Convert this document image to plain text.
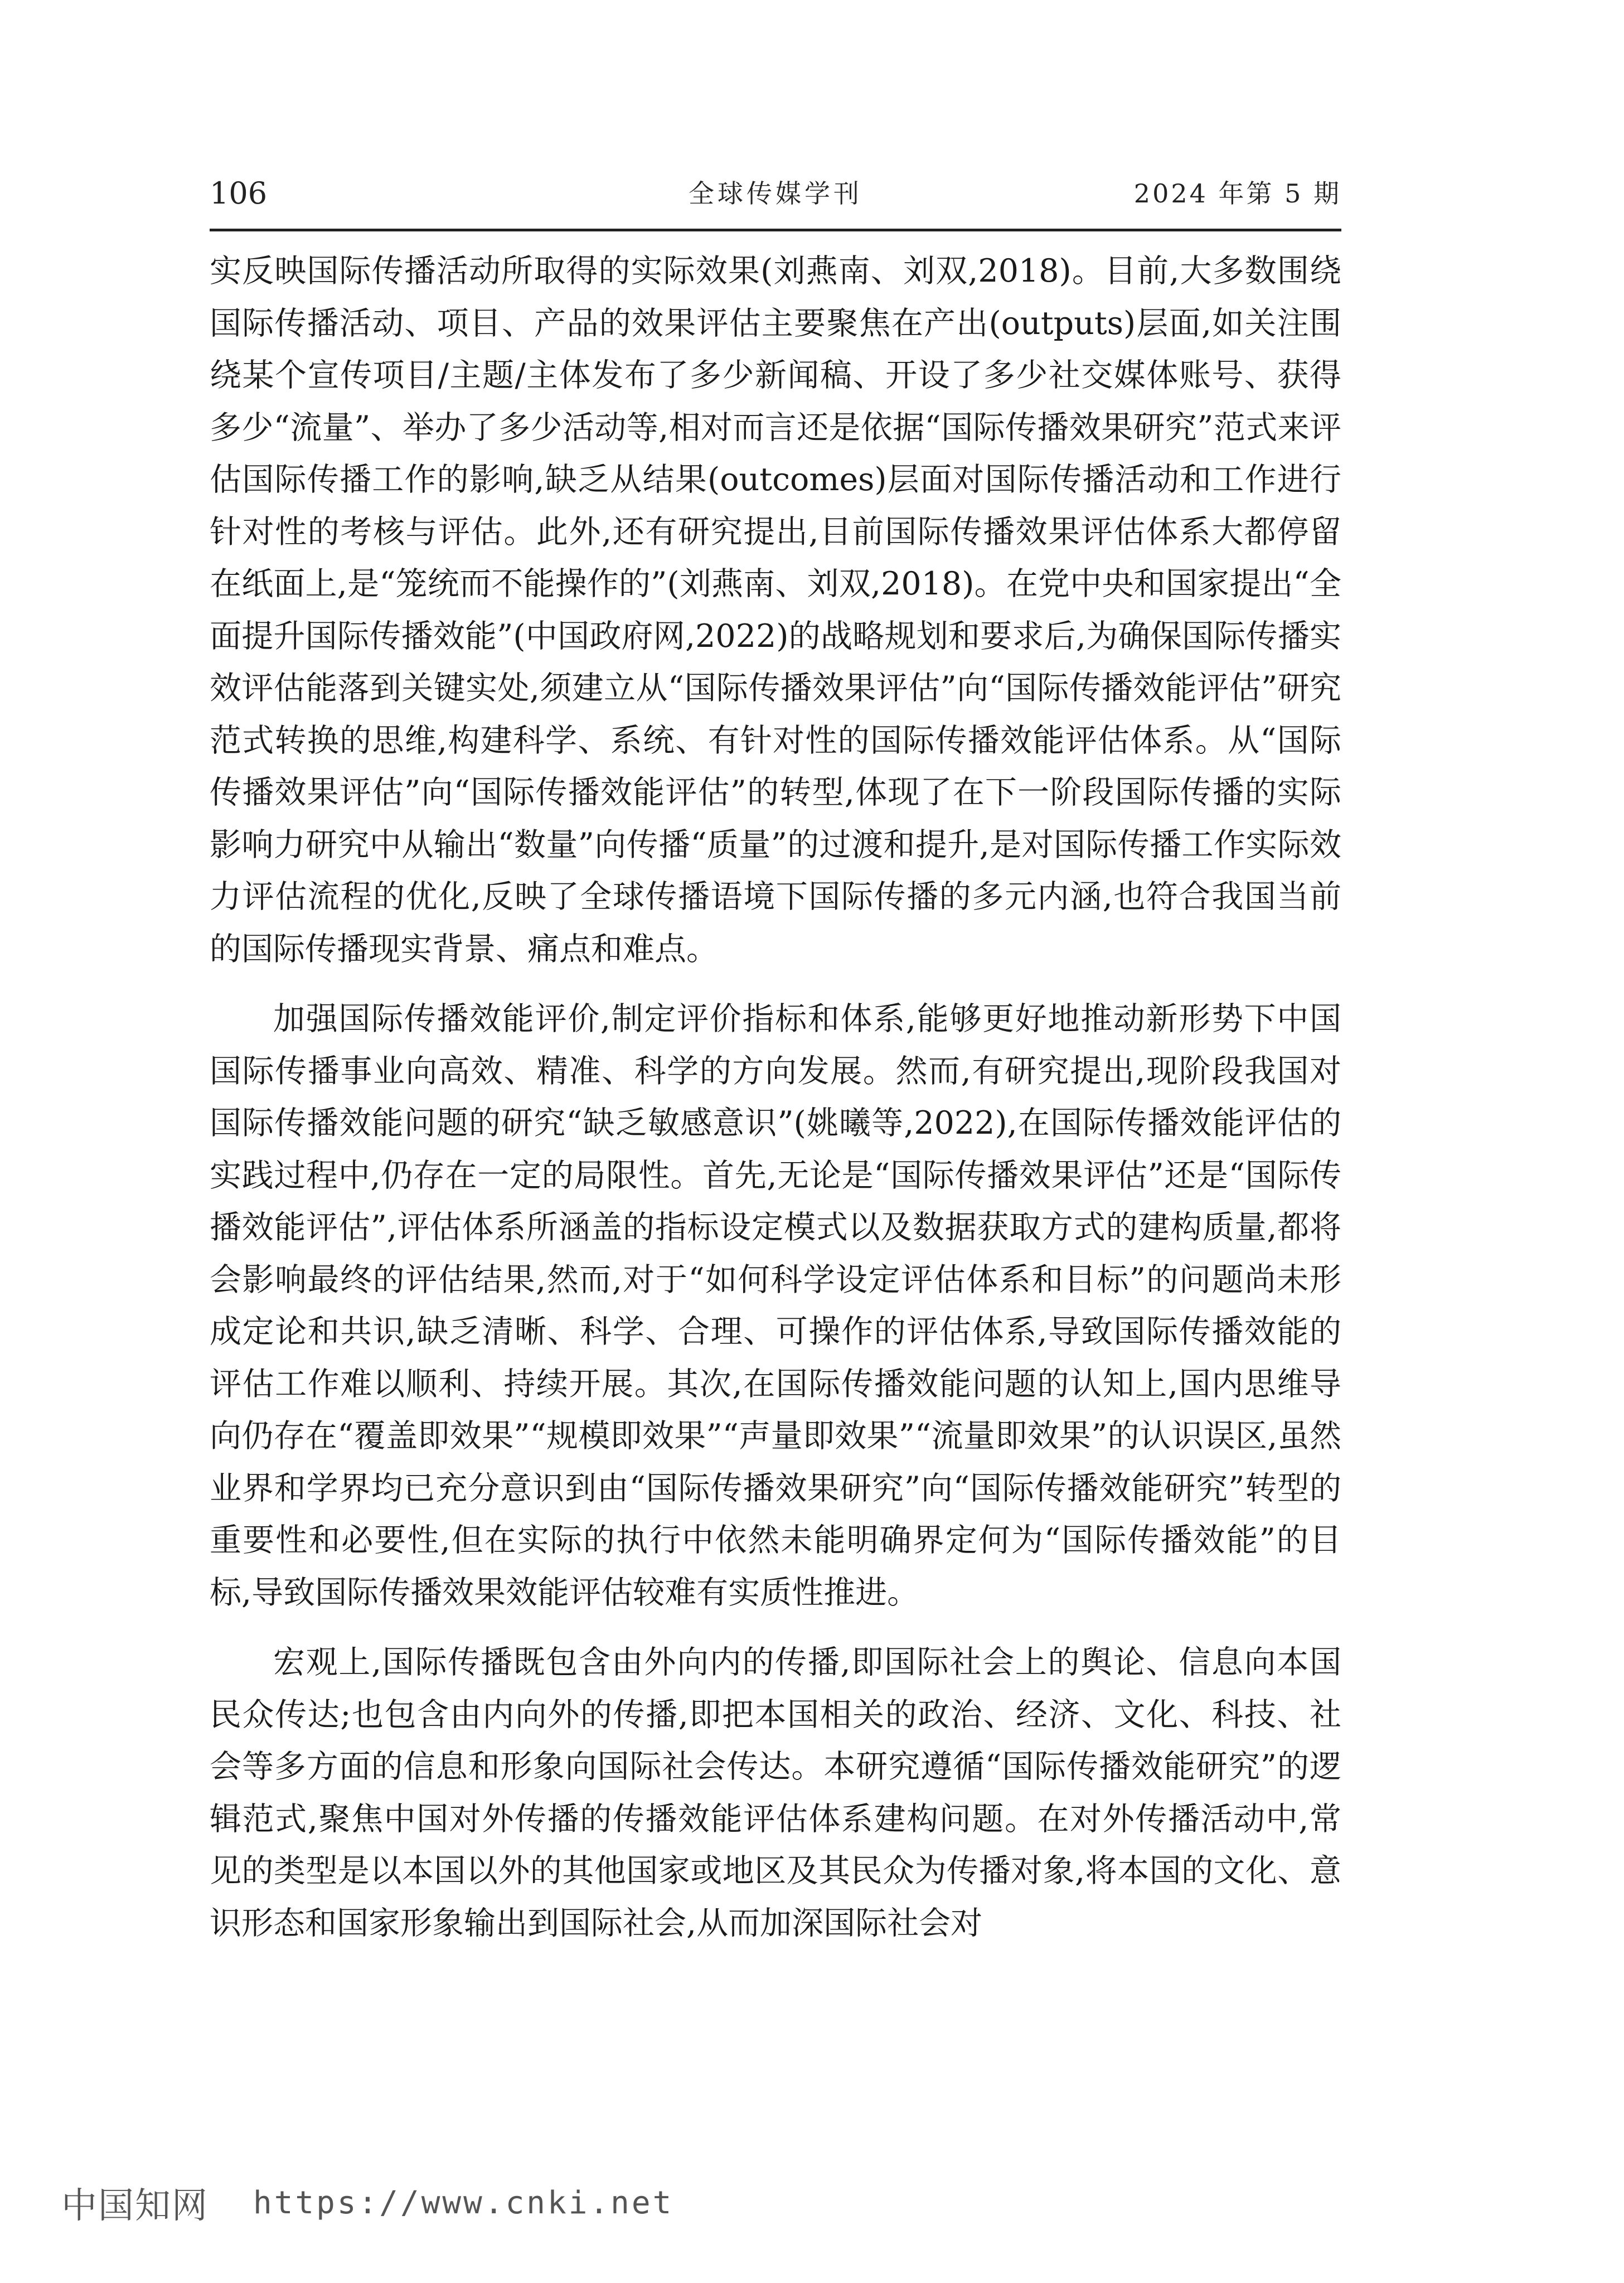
106	全球传媒学刊	2024 年第 5 期

实反映国际传播活动所取得的实际效果(刘燕南、刘双,2018)。目前,大多数围绕国际传播活动、项目、产品的效果评估主要聚焦在产出(outputs)层面,如关注围绕某个宣传项目/主题/主体发布了多少新闻稿、开设了多少社交媒体账号、获得多少“流量”、举办了多少活动等,相对而言还是依据“国际传播效果研究”范式来评估国际传播工作的影响,缺乏从结果(outcomes)层面对国际传播活动和工作进行针对性的考核与评估。此外,还有研究提出,目前国际传播效果评估体系大都停留在纸面上,是“笼统而不能操作的”(刘燕南、刘双,2018)。在党中央和国家提出“全面提升国际传播效能”(中国政府网,2022)的战略规划和要求后,为确保国际传播实效评估能落到关键实处,须建立从“国际传播效果评估”向“国际传播效能评估”研究范式转换的思维,构建科学、系统、有针对性的国际传播效能评估体系。从“国际传播效果评估”向“国际传播效能评估”的转型,体现了在下一阶段国际传播的实际影响力研究中从输出“数量”向传播“质量”的过渡和提升,是对国际传播工作实际效力评估流程的优化,反映了全球传播语境下国际传播的多元内涵,也符合我国当前的国际传播现实背景、痛点和难点。

加强国际传播效能评价,制定评价指标和体系,能够更好地推动新形势下中国国际传播事业向高效、精准、科学的方向发展。然而,有研究提出,现阶段我国对国际传播效能问题的研究“缺乏敏感意识”(姚曦等,2022),在国际传播效能评估的实践过程中,仍存在一定的局限性。首先,无论是“国际传播效果评估”还是“国际传播效能评估”,评估体系所涵盖的指标设定模式以及数据获取方式的建构质量,都将会影响最终的评估结果,然而,对于“如何科学设定评估体系和目标”的问题尚未形成定论和共识,缺乏清晰、科学、合理、可操作的评估体系,导致国际传播效能的评估工作难以顺利、持续开展。其次,在国际传播效能问题的认知上,国内思维导向仍存在“覆盖即效果”“规模即效果”“声量即效果”“流量即效果”的认识误区,虽然业界和学界均已充分意识到由“国际传播效果研究”向“国际传播效能研究”转型的重要性和必要性,但在实际的执行中依然未能明确界定何为“国际传播效能”的目标,导致国际传播效果效能评估较难有实质性推进。

宏观上,国际传播既包含由外向内的传播,即国际社会上的舆论、信息向本国民众传达;也包含由内向外的传播,即把本国相关的政治、经济、文化、科技、社会等多方面的信息和形象向国际社会传达。本研究遵循“国际传播效能研究”的逻辑范式,聚焦中国对外传播的传播效能评估体系建构问题。在对外传播活动中,常见的类型是以本国以外的其他国家或地区及其民众为传播对象,将本国的文化、意识形态和国家形象输出到国际社会,从而加深国际社会对

中国知网 https://www.cnki.net
